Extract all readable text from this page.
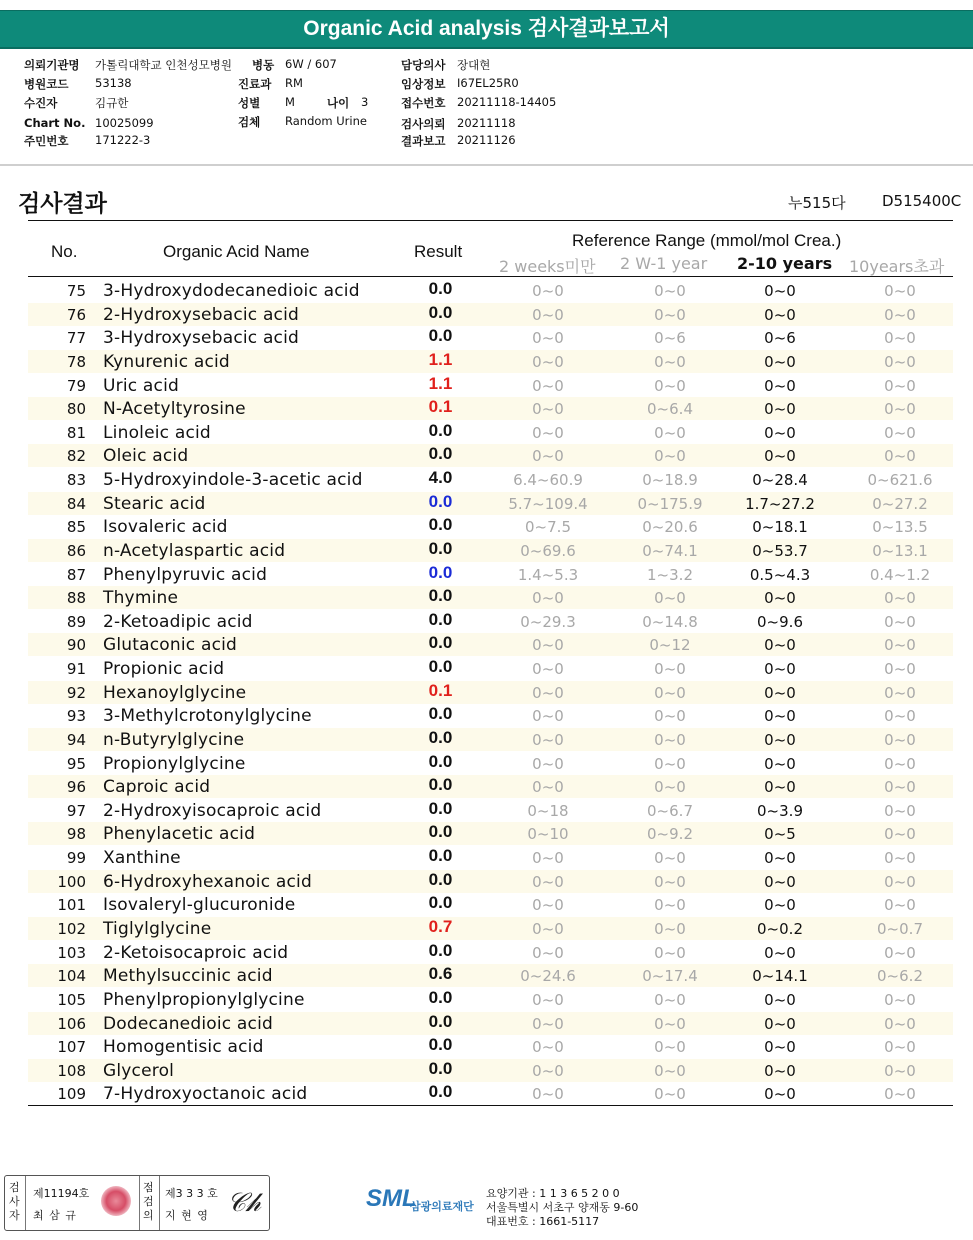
Organic Acid analysis 검사결과보고서
의뢰기관명 가톨릭대학교 인천성모병원 병동 6W / 607	담당의사 장대현
병원코드 53138	진료과 RM	임상정보 I67EL25R0
수진자	김규한	성별 M	나이 3	접수번호 20211118-14405
Chart No. 10025099	검체 Random Urine	검사의뢰 20211118
주민번호 171222-3	결과보고 20211126
검사결과	누515다 D515400C
No.	Organic Acid Name	Result
Reference Range (mmol/mol Crea.)
2 weeks미만 2 W-1 year 2-10 years 10years초과
75 3-Hydroxydodecanedioic acid	0.0	0~0	0~0	0~0	0~0
76 2-Hydroxysebacic acid	0.0	0~0	0~0	0~0	0~0
77 3-Hydroxysebacic acid	0.0	0~0	0~6	0~6	0~0
78 Kynurenic acid	1.1	0~0	0~0	0~0	0~0
79 Uric acid	1.1	0~0	0~0	0~0	0~0
80 N-Acetyltyrosine	0.1	0~0	0~6.4	0~0	0~0
81 Linoleic acid	0.0	0~0	0~0	0~0	0~0
82 Oleic acid	0.0	0~0	0~0	0~0	0~0
83 5-Hydroxyindole-3-acetic acid	4.0	6.4~60.9	0~18.9	0~28.4	0~621.6
84 Stearic acid	0.0	5.7~109.4	0~175.9	1.7~27.2	0~27.2
85 Isovaleric acid	0.0	0~7.5	0~20.6	0~18.1	0~13.5
86 n-Acetylaspartic acid	0.0	0~69.6	0~74.1	0~53.7	0~13.1
87 Phenylpyruvic acid	0.0	1.4~5.3	1~3.2	0.5~4.3	0.4~1.2
88 Thymine	0.0	0~0	0~0	0~0	0~0
89 2-Ketoadipic acid	0.0	0~29.3	0~14.8	0~9.6	0~0
90 Glutaconic acid	0.0	0~0	0~12	0~0	0~0
91 Propionic acid	0.0	0~0	0~0	0~0	0~0
92 Hexanoylglycine	0.1	0~0	0~0	0~0	0~0
93 3-Methylcrotonylglycine	0.0	0~0	0~0	0~0	0~0
94 n-Butyrylglycine	0.0	0~0	0~0	0~0	0~0
95 Propionylglycine	0.0	0~0	0~0	0~0	0~0
96 Caproic acid	0.0	0~0	0~0	0~0	0~0
97 2-Hydroxyisocaproic acid	0.0	0~18	0~6.7	0~3.9	0~0
98 Phenylacetic acid	0.0	0~10	0~9.2	0~5	0~0
99 Xanthine	0.0	0~0	0~0	0~0	0~0
100 6-Hydroxyhexanoic acid	0.0	0~0	0~0	0~0	0~0
101 Isovaleryl-glucuronide	0.0	0~0	0~0	0~0	0~0
102 Tiglylglycine	0.7	0~0	0~0	0~0.2	0~0.7
103 2-Ketoisocaproic acid	0.0	0~0	0~0	0~0	0~0
104 Methylsuccinic acid	0.6	0~24.6	0~17.4	0~14.1	0~6.2
105 Phenylpropionylglycine	0.0	0~0	0~0	0~0	0~0
106 Dodecanedioic acid	0.0	0~0	0~0	0~0	0~0
107 Homogentisic acid	0.0	0~0	0~0	0~0	0~0
108 Glycerol	0.0	0~0	0~0	0~0	0~0
109 7-Hydroxyoctanoic acid	0.0	0~0	0~0	0~0	0~0
검사자
제11194호
최 삼 규
점검의
제3 3 3 호
지 현 영 𝒞𝒽	SML
삼광의료재단
요양기관 : 1 1 3 6 5 2 0 0
서울특별시 서초구 양재동 9-60
대표번호 : 1661-5117
